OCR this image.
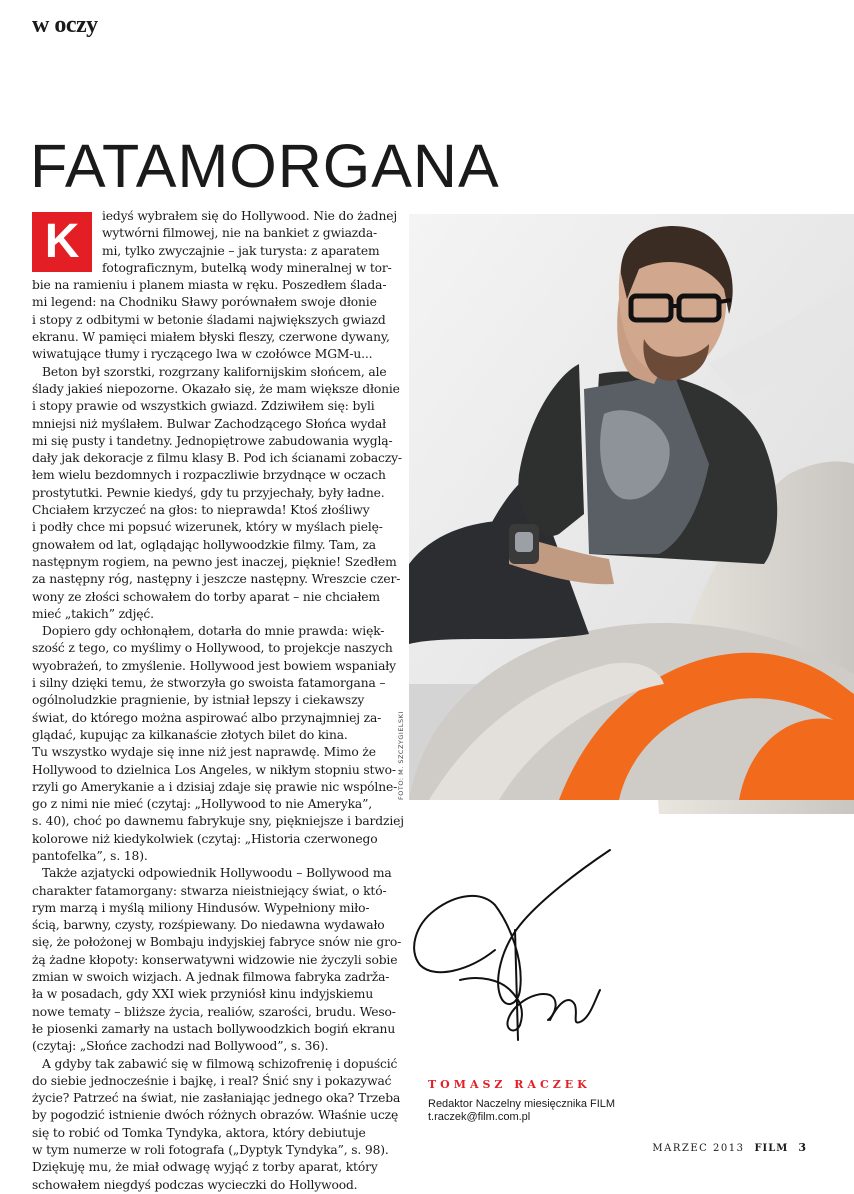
w oczy
FATAMORGANA
K	iedyś wybrałem się do Hollywood. Nie do żadnej
wytwórni filmowej, nie na bankiet z gwiazda-
mi, tylko zwyczajnie – jak turysta: z aparatem
fotograficznym, butelką wody mineralnej w tor-
bie na ramieniu i planem miasta w ręku. Poszedłem ślada-
mi legend: na Chodniku Sławy porównałem swoje dłonie
i stopy z odbitymi w betonie śladami największych gwiazd
ekranu. W pamięci miałem błyski fleszy, czerwone dywany,
wiwatujące tłumy i ryczącego lwa w czołówce MGM-u...
Beton był szorstki, rozgrzany kalifornijskim słońcem, ale
ślady jakieś niepozorne. Okazało się, że mam większe dłonie
i stopy prawie od wszystkich gwiazd. Zdziwiłem się: byli
mniejsi niż myślałem. Bulwar Zachodzącego Słońca wydał
mi się pusty i tandetny. Jednopiętrowe zabudowania wyglą-
dały jak dekoracje z filmu klasy B. Pod ich ścianami zobaczy-
łem wielu bezdomnych i rozpaczliwie brzydnące w oczach
prostytutki. Pewnie kiedyś, gdy tu przyjechały, były ładne.
Chciałem krzyczeć na głos: to nieprawda! Ktoś złośliwy
i podły chce mi popsuć wizerunek, który w myślach pielę-
gnowałem od lat, oglądając hollywoodzkie filmy. Tam, za
następnym rogiem, na pewno jest inaczej, pięknie! Szedłem
za następny róg, następny i jeszcze następny. Wreszcie czer-
wony ze złości schowałem do torby aparat – nie chciałem
mieć „takich” zdjęć.
Dopiero gdy ochłonąłem, dotarła do mnie prawda: więk-
szość z tego, co myślimy o Hollywood, to projekcje naszych
wyobrażeń, to zmyślenie. Hollywood jest bowiem wspaniały
i silny dzięki temu, że stworzyła go swoista fatamorgana –
ogólnoludzkie pragnienie, by istniał lepszy i ciekawszy
świat, do którego można aspirować albo przynajmniej za-
glądać, kupując za kilkanaście złotych bilet do kina.
Tu wszystko wydaje się inne niż jest naprawdę. Mimo że
Hollywood to dzielnica Los Angeles, w nikłym stopniu stwo-
rzyli go Amerykanie a i dzisiaj zdaje się prawie nic wspólne-
go z nimi nie mieć (czytaj: „Hollywood to nie Ameryka”,
s. 40), choć po dawnemu fabrykuje sny, piękniejsze i bardziej
kolorowe niż kiedykolwiek (czytaj: „Historia czerwonego
pantofelka”, s. 18).
Także azjatycki odpowiednik Hollywoodu – Bollywood ma
charakter fatamorgany: stwarza nieistniejący świat, o któ-
rym marzą i myślą miliony Hindusów. Wypełniony miło-
ścią, barwny, czysty, rozśpiewany. Do niedawna wydawało
się, że położonej w Bombaju indyjskiej fabryce snów nie gro-
żą żadne kłopoty: konserwatywni widzowie nie życzyli sobie
zmian w swoich wizjach. A jednak filmowa fabryka zadrža-
ła w posadach, gdy XXI wiek przyniósł kinu indyjskiemu
nowe tematy – bliższe życia, realiów, szarości, brudu. Weso-
łe piosenki zamarły na ustach bollywoodzkich bogiń ekranu
(czytaj: „Słońce zachodzi nad Bollywood”, s. 36).
A gdyby tak zabawić się w filmową schizofrenię i dopuścić
do siebie jednocześnie i bajkę, i real? Śnić sny i pokazywać
życie? Patrzeć na świat, nie zasłaniając jednego oka? Trzeba
by pogodzić istnienie dwóch różnych obrazów. Właśnie uczę
się to robić od Tomka Tyndyka, aktora, który debiutuje
w tym numerze w roli fotografa („Dyptyk Tyndyka”, s. 98).
Dziękuję mu, że miał odwagę wyjąć z torby aparat, który
schowałem niegdyś podczas wycieczki do Hollywood.
FOTO: M. SZCZYGIELSKI
TOMASZ RACZEK
Redaktor Naczelny miesięcznika FILM
t.raczek@film.com.pl
MARZEC 2013 FILM 3
